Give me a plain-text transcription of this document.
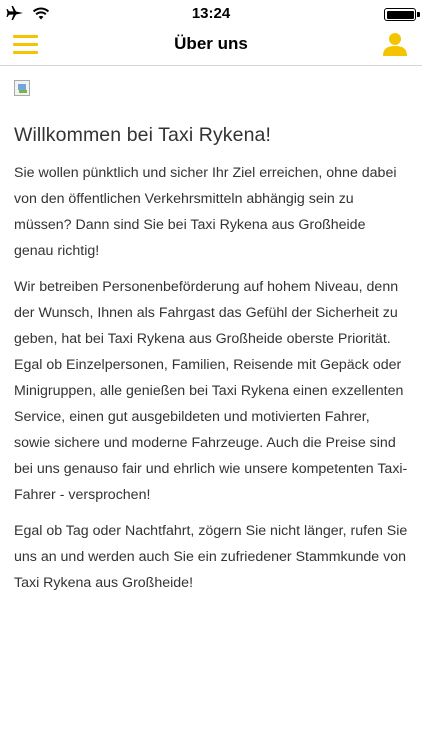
13:24
Über uns
Willkommen bei Taxi Rykena!

Sie wollen pünktlich und sicher Ihr Ziel erreichen, ohne dabei von den öffentlichen Verkehrsmitteln abhängig sein zu müssen? Dann sind Sie bei Taxi Rykena aus Großheide genau richtig!

Wir betreiben Personenbeförderung auf hohem Niveau, denn der Wunsch, Ihnen als Fahrgast das Gefühl der Sicherheit zu geben, hat bei Taxi Rykena aus Großheide oberste Priorität. Egal ob Einzelpersonen, Familien, Reisende mit Gepäck oder Minigruppen, alle genießen bei Taxi Rykena einen exzellenten Service, einen gut ausgebildeten und motivierten Fahrer, sowie sichere und moderne Fahrzeuge. Auch die Preise sind bei uns genauso fair und ehrlich wie unsere kompetenten Taxi-Fahrer - versprochen!

Egal ob Tag oder Nachtfahrt, zögern Sie nicht länger, rufen Sie uns an und werden auch Sie ein zufriedener Stammkunde von Taxi Rykena aus Großheide!
